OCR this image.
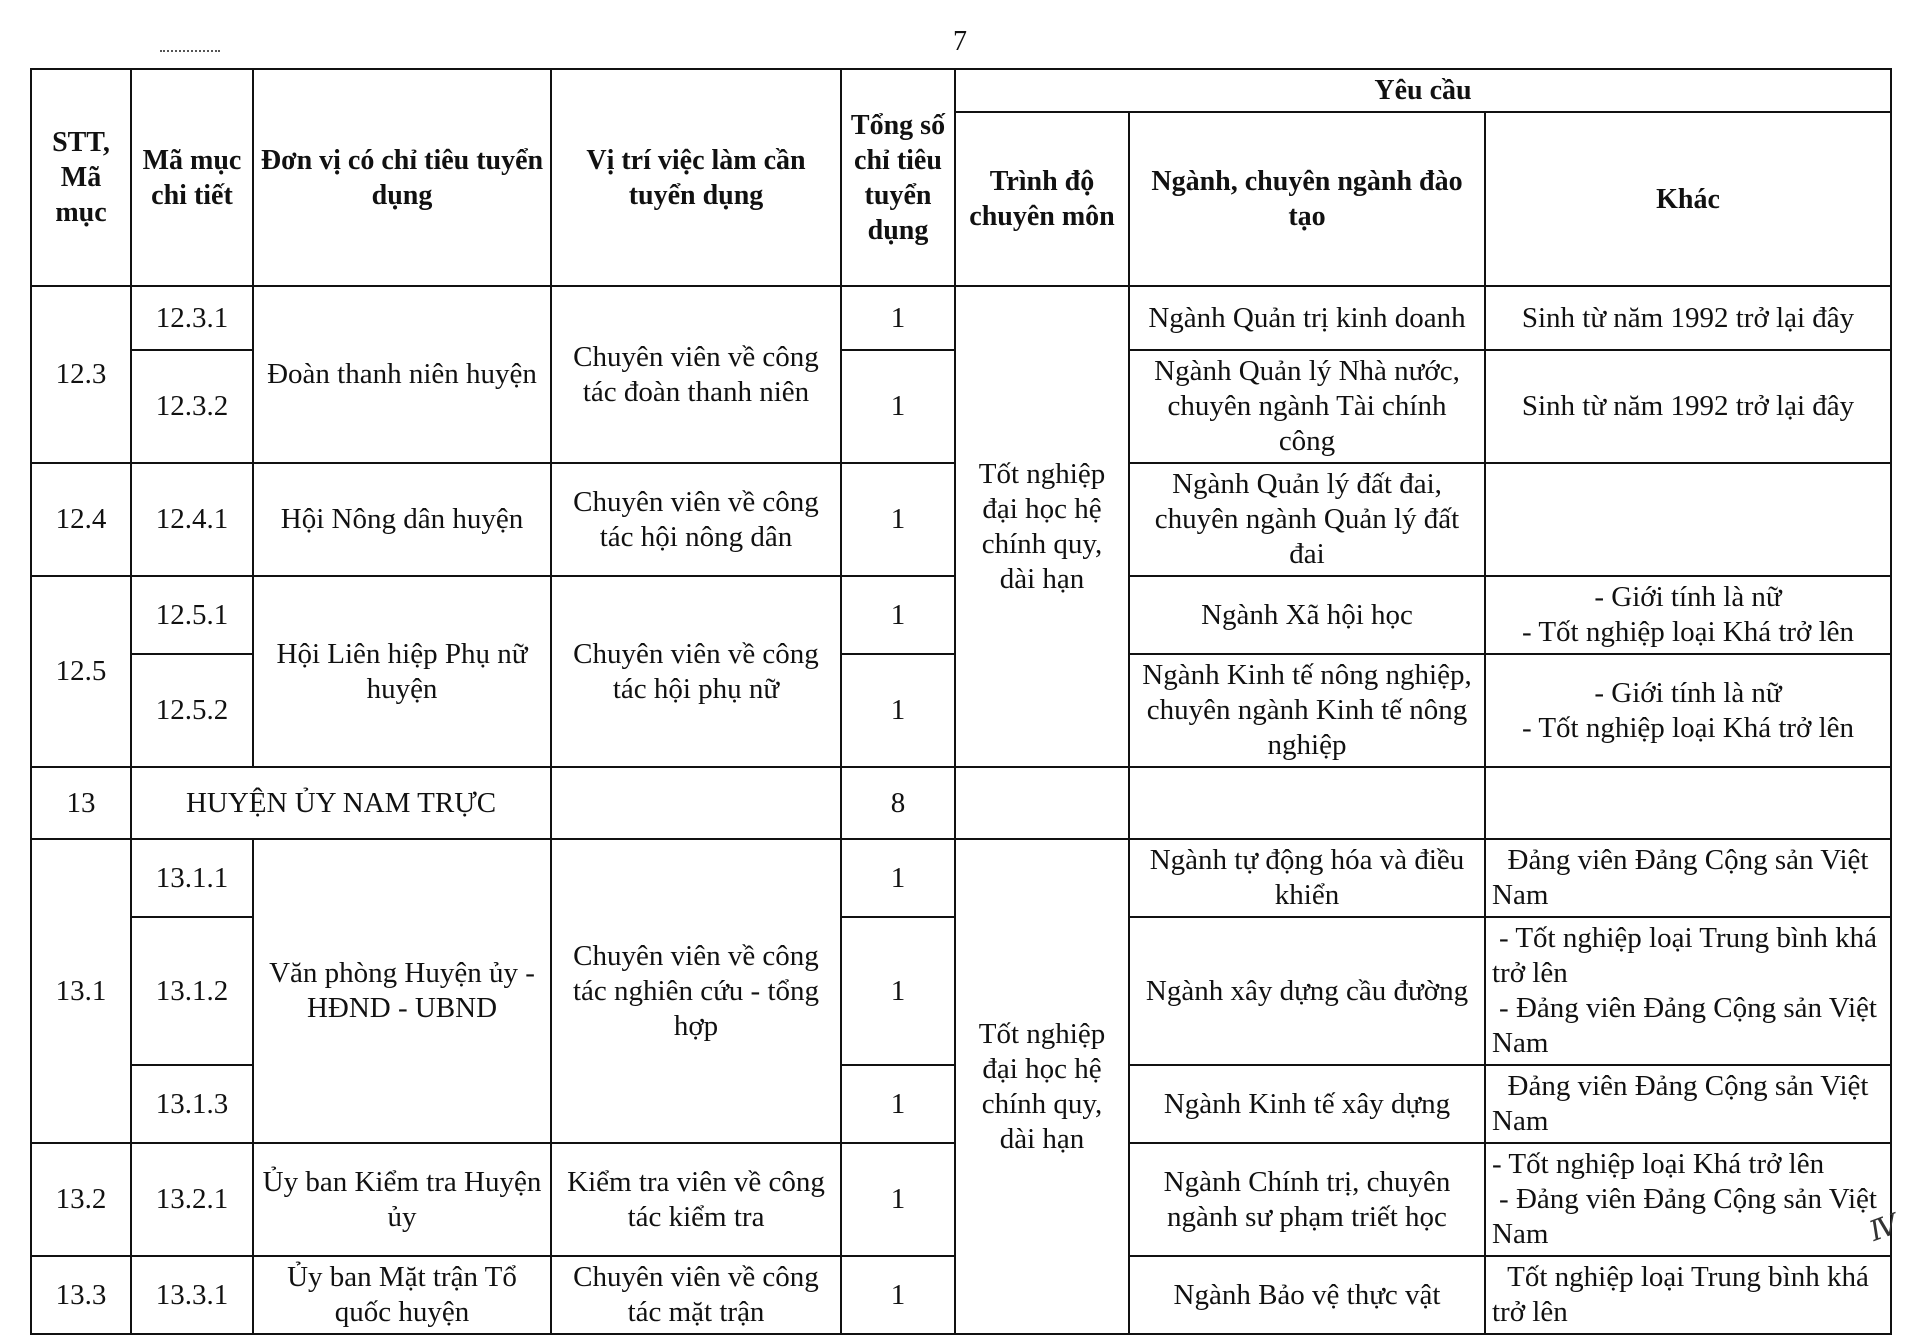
7
STT, Mã mục	Mã mục chi tiết	Đơn vị có chỉ tiêu tuyển dụng	Vị trí việc làm cần tuyển dụng	Tổng số chỉ tiêu tuyển dụng	Yêu cầu		
					Trình độ chuyên môn	Ngành, chuyên ngành đào tạo	Khác
12.3	12.3.1	Đoàn thanh niên huyện	Chuyên viên về công tác đoàn thanh niên	1	Tốt nghiệp đại học hệ chính quy, dài hạn	Ngành Quản trị kinh doanh	Sinh từ năm 1992 trở lại đây
	12.3.2			1		Ngành Quản lý Nhà nước, chuyên ngành Tài chính công	Sinh từ năm 1992 trở lại đây
12.4	12.4.1	Hội Nông dân huyện	Chuyên viên về công tác hội nông dân	1		Ngành Quản lý đất đai, chuyên ngành Quản lý đất đai	
12.5	12.5.1	Hội Liên hiệp Phụ nữ huyện	Chuyên viên về công tác hội phụ nữ	1		Ngành Xã hội học	- Giới tính là nữ
- Tốt nghiệp loại Khá trở lên

	12.5.2			1		Ngành Kinh tế nông nghiệp, chuyên ngành Kinh tế nông nghiệp	- Giới tính là nữ
- Tốt nghiệp loại Khá trở lên

13	HUYỆN ỦY NAM TRỰC			8			
13.1	13.1.1	Văn phòng Huyện ủy - HĐND - UBND	Chuyên viên về công tác nghiên cứu - tổng hợp	1	Tốt nghiệp đại học hệ chính quy, dài hạn	Ngành tự động hóa và điều khiển	Đảng viên Đảng Cộng sản Việt Nam
	13.1.2			1		Ngành xây dựng cầu đường	- Tốt nghiệp loại Trung bình khá trở lên
- Đảng viên Đảng Cộng sản Việt Nam

	13.1.3			1		Ngành Kinh tế xây dựng	Đảng viên Đảng Cộng sản Việt Nam
13.2	13.2.1	Ủy ban Kiểm tra Huyện ủy	Kiểm tra viên về công tác kiểm tra	1		Ngành Chính trị, chuyên ngành sư phạm triết học	- Tốt nghiệp loại Khá trở lên
- Đảng viên Đảng Cộng sản Việt Nam

13.3	13.3.1	Ủy ban Mặt trận Tổ quốc huyện	Chuyên viên về công tác mặt trận	1		Ngành Bảo vệ thực vật	Tốt nghiệp loại Trung bình khá trở lên
Ⅳ
